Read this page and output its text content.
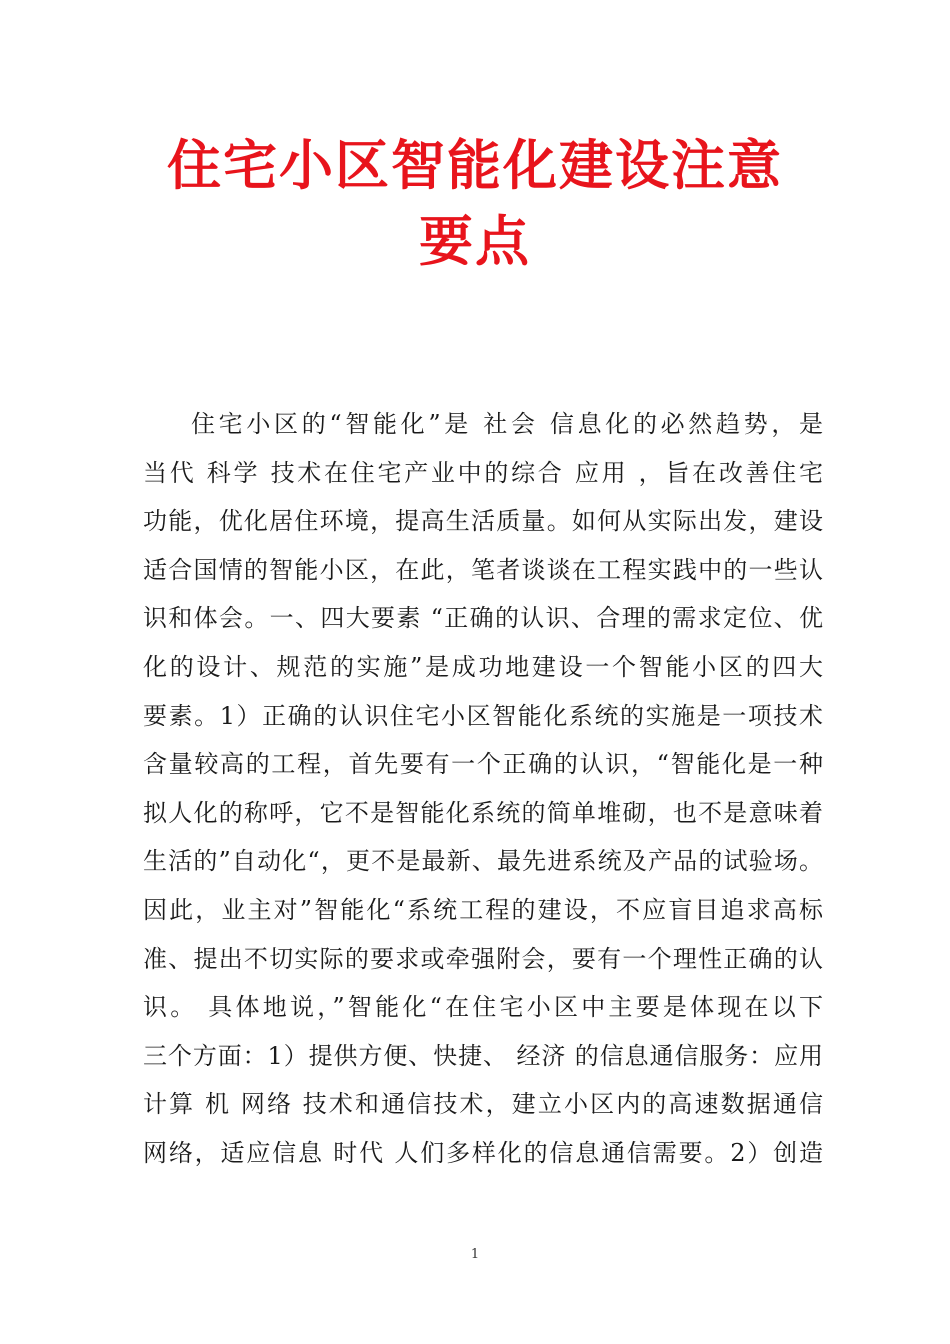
住宅小区智能化建设注意
要点
住宅小区的“智能化”是 社会 信息化的必然趋势，是
当代 科学 技术在住宅产业中的综合 应用 ，旨在改善住宅
功能，优化居住环境，提高生活质量。如何从实际出发，建设
适合国情的智能小区，在此，笔者谈谈在工程实践中的一些认
识和体会。一、四大要素 “正确的认识、合理的需求定位、优
化的设计、规范的实施”是成功地建设一个智能小区的四大
要素。1）正确的认识住宅小区智能化系统的实施是一项技术
含量较高的工程，首先要有一个正确的认识，“智能化是一种
拟人化的称呼，它不是智能化系统的简单堆砌，也不是意味着
生活的”自动化“，更不是最新、最先进系统及产品的试验场。
因此，业主对”智能化“系统工程的建设，不应盲目追求高标
准、提出不切实际的要求或牵强附会，要有一个理性正确的认
识。 具体地说，”智能化“在住宅小区中主要是体现在以下
三个方面：1）提供方便、快捷、 经济 的信息通信服务：应用
计算 机 网络 技术和通信技术，建立小区内的高速数据通信
网络，适应信息 时代 人们多样化的信息通信需要。2）创造
1
